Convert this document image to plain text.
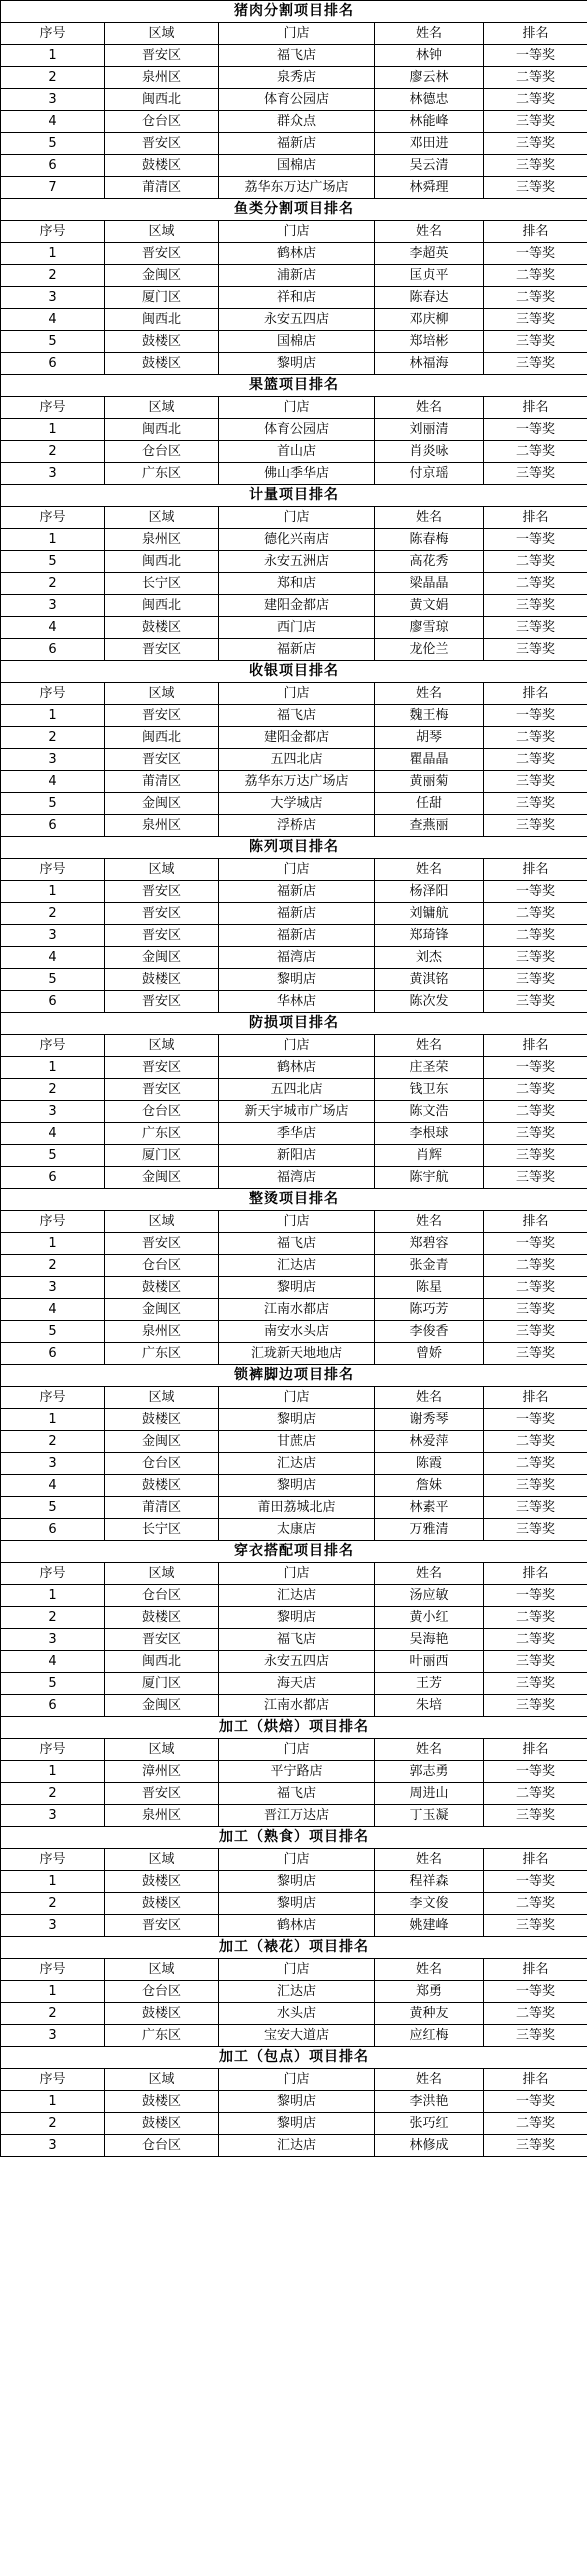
猪肉分割项目排名				
序号	区域	门店	姓名	排名
1	晋安区	福飞店	林钟	一等奖
2	泉州区	泉秀店	廖云林	二等奖
3	闽西北	体育公园店	林德忠	二等奖
4	仓台区	群众点	林能峰	三等奖
5	晋安区	福新店	邓田进	三等奖
6	鼓楼区	国棉店	吴云清	三等奖
7	莆清区	荔华东万达广场店	林舜理	三等奖
鱼类分割项目排名				
序号	区域	门店	姓名	排名
1	晋安区	鹤林店	李超英	一等奖
2	金闽区	浦新店	匡贞平	二等奖
3	厦门区	祥和店	陈春达	二等奖
4	闽西北	永安五四店	邓庆柳	三等奖
5	鼓楼区	国棉店	郑培彬	三等奖
6	鼓楼区	黎明店	林福海	三等奖
果篮项目排名				
序号	区域	门店	姓名	排名
1	闽西北	体育公园店	刘丽清	一等奖
2	仓台区	首山店	肖炎咏	二等奖
3	广东区	佛山季华店	付京瑶	三等奖
计量项目排名				
序号	区域	门店	姓名	排名
1	泉州区	德化兴南店	陈春梅	一等奖
5	闽西北	永安五洲店	高花秀	二等奖
2	长宁区	郑和店	梁晶晶	二等奖
3	闽西北	建阳金都店	黄文娟	三等奖
4	鼓楼区	西门店	廖雪琼	三等奖
6	晋安区	福新店	龙伦兰	三等奖
收银项目排名				
序号	区域	门店	姓名	排名
1	晋安区	福飞店	魏王梅	一等奖
2	闽西北	建阳金都店	胡琴	二等奖
3	晋安区	五四北店	瞿晶晶	二等奖
4	莆清区	荔华东万达广场店	黄丽菊	三等奖
5	金闽区	大学城店	任甜	三等奖
6	泉州区	浮桥店	查燕丽	三等奖
陈列项目排名				
序号	区域	门店	姓名	排名
1	晋安区	福新店	杨泽阳	一等奖
2	晋安区	福新店	刘镛航	二等奖
3	晋安区	福新店	郑琦锋	二等奖
4	金闽区	福湾店	刘杰	三等奖
5	鼓楼区	黎明店	黄淇铭	三等奖
6	晋安区	华林店	陈次发	三等奖
防损项目排名				
序号	区域	门店	姓名	排名
1	晋安区	鹤林店	庄圣荣	一等奖
2	晋安区	五四北店	钱卫东	二等奖
3	仓台区	新天宇城市广场店	陈文浩	二等奖
4	广东区	季华店	李根球	三等奖
5	厦门区	新阳店	肖辉	三等奖
6	金闽区	福湾店	陈宇航	三等奖
整烫项目排名				
序号	区域	门店	姓名	排名
1	晋安区	福飞店	郑碧容	一等奖
2	仓台区	汇达店	张金青	二等奖
3	鼓楼区	黎明店	陈星	二等奖
4	金闽区	江南水都店	陈巧芳	三等奖
5	泉州区	南安水头店	李俊香	三等奖
6	广东区	汇珑新天地地店	曾娇	三等奖
锁裤脚边项目排名				
序号	区域	门店	姓名	排名
1	鼓楼区	黎明店	谢秀琴	一等奖
2	金闽区	甘蔗店	林爱萍	二等奖
3	仓台区	汇达店	陈霞	二等奖
4	鼓楼区	黎明店	詹妹	三等奖
5	莆清区	莆田荔城北店	林素平	三等奖
6	长宁区	太康店	万雅清	三等奖
穿衣搭配项目排名				
序号	区域	门店	姓名	排名
1	仓台区	汇达店	汤应敏	一等奖
2	鼓楼区	黎明店	黄小红	二等奖
3	晋安区	福飞店	吴海艳	二等奖
4	闽西北	永安五四店	叶丽西	三等奖
5	厦门区	海天店	王芳	三等奖
6	金闽区	江南水都店	朱培	三等奖
加工（烘焙）项目排名				
序号	区域	门店	姓名	排名
1	漳州区	平宁路店	郭志勇	一等奖
2	晋安区	福飞店	周进山	二等奖
3	泉州区	晋江万达店	丁玉凝	三等奖
加工（熟食）项目排名				
序号	区域	门店	姓名	排名
1	鼓楼区	黎明店	程祥森	一等奖
2	鼓楼区	黎明店	李文俊	二等奖
3	晋安区	鹤林店	姚建峰	三等奖
加工（裱花）项目排名				
序号	区域	门店	姓名	排名
1	仓台区	汇达店	郑勇	一等奖
2	鼓楼区	水头店	黄种友	二等奖
3	广东区	宝安大道店	应红梅	三等奖
加工（包点）项目排名				
序号	区域	门店	姓名	排名
1	鼓楼区	黎明店	李洪艳	一等奖
2	鼓楼区	黎明店	张巧红	二等奖
3	仓台区	汇达店	林修成	三等奖
